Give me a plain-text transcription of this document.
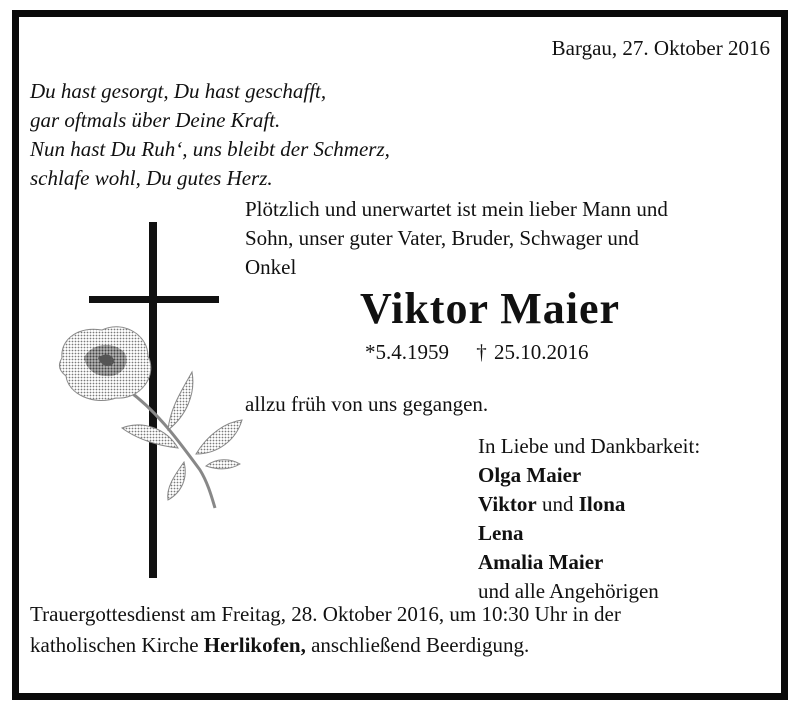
Bargau, 27. Oktober 2016
Du hast gesorgt, Du hast geschafft,
gar oftmals über Deine Kraft.
Nun hast Du Ruh‘, uns bleibt der Schmerz,
schlafe wohl, Du gutes Herz.
Plötzlich und unerwartet ist mein lieber Mann und
Sohn, unser guter Vater, Bruder, Schwager und
Onkel
Viktor Maier
*5.4.1959 † 25.10.2016
allzu früh von uns gegangen.
In Liebe und Dankbarkeit:
Olga Maier
Viktor und Ilona
Lena
Amalia Maier
und alle Angehörigen
Trauergottesdienst am Freitag, 28. Oktober 2016, um 10:30 Uhr in der
katholischen Kirche Herlikofen, anschließend Beerdigung.
